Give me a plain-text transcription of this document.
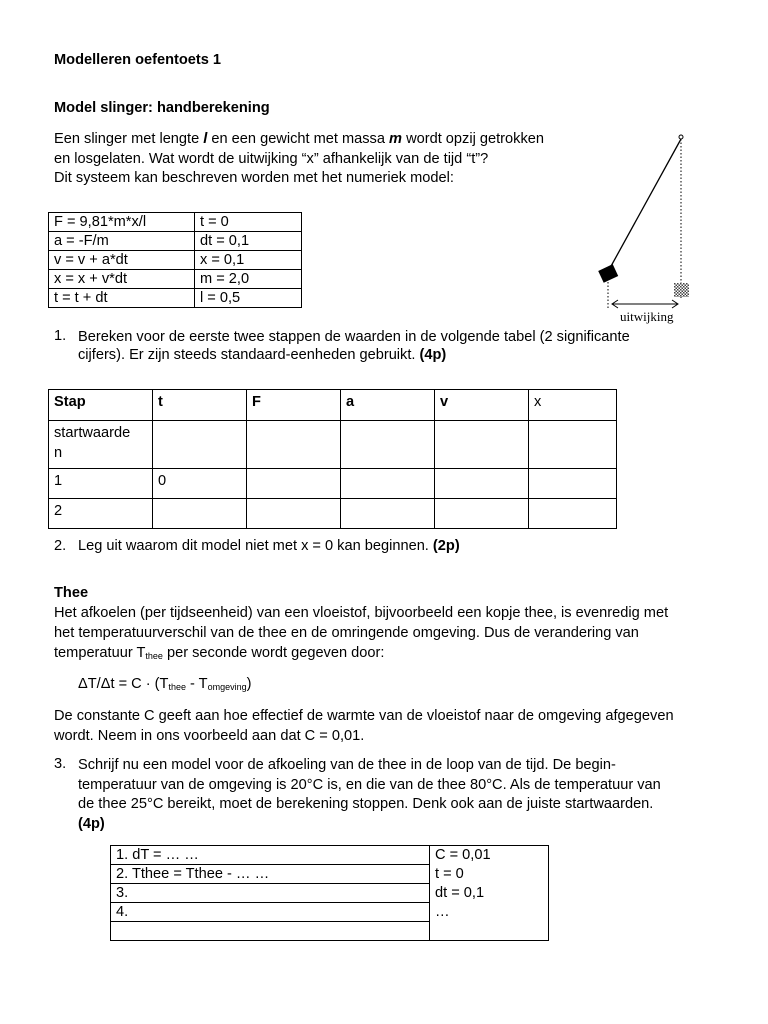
Modelleren oefentoets 1
Model slinger: handberekening

Een slinger met lengte l en een gewicht met massa m wordt opzij getrokken
en losgelaten. Wat wordt de uitwijking “x” afhankelijk van de tijd “t”?
Dit systeem kan beschreven worden met het numeriek model:

F = 9,81*m*x/l	t = 0
a = -F/m	dt = 0,1
v = v + a*dt	x = 0,1
x = x + v*dt	m = 2,0
t = t + dt	l = 0,5
uitwijking
1. Bereken voor de eerste twee stappen de waarden in de volgende tabel (2 significante
cijfers). Er zijn steeds standaard-eenheden gebruikt. (4p)

Stap	t	F	a	v	x
startwaarde
n					
1	0				
2					
2. Leg uit waarom dit model niet met x = 0 kan beginnen. (2p)
Thee

Het afkoelen (per tijdseenheid) van een vloeistof, bijvoorbeeld een kopje thee, is evenredig met
het temperatuurverschil van de thee en de omringende omgeving. Dus de verandering van
temperatuur $T_{thee}$ per seconde wordt gegeven door:

$\Delta T/\Delta t = C \cdot (T_{thee} - T_{omgeving})$

De constante C geeft aan hoe effectief de warmte van de vloeistof naar de omgeving afgegeven
wordt. Neem in ons voorbeeld aan dat C = 0,01.

3. Schrijf nu een model voor de afkoeling van de thee in de loop van de tijd. De begin-
temperatuur van de omgeving is 20°C is, en die van de thee 80°C. Als de temperatuur van
de thee 25°C bereikt, moet de berekening stoppen. Denk ook aan de juiste startwaarden.
(4p)

1. dT = … …	C = 0,01
2. Tthee = Tthee - … …	t = 0
3.	dt = 0,1
4.	…
